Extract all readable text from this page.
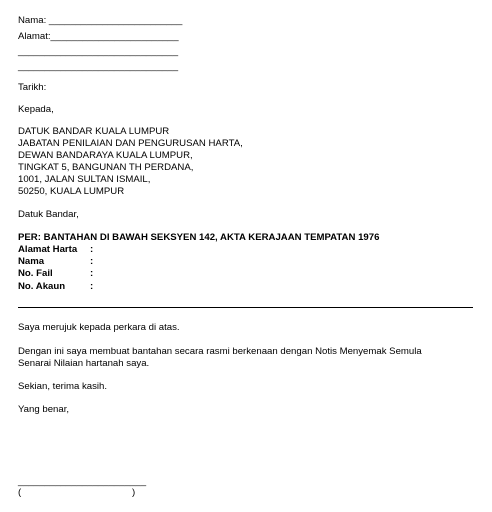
Nama: _________________________
Alamat:________________________
______________________________
______________________________
Tarikh:
Kepada,
DATUK BANDAR KUALA LUMPUR
JABATAN PENILAIAN DAN PENGURUSAN HARTA,
DEWAN BANDARAYA KUALA LUMPUR,
TINGKAT 5, BANGUNAN TH PERDANA,
1001, JALAN SULTAN ISMAIL,
50250, KUALA LUMPUR
Datuk Bandar,
PER: BANTAHAN DI BAWAH SEKSYEN 142, AKTA KERAJAAN TEMPATAN 1976
Alamat Harta :
Nama	:
No. Fail	:
No. Akaun	:
Saya merujuk kepada perkara di atas.
Dengan ini saya membuat bantahan secara rasmi berkenaan dengan Notis Menyemak Semula
Senarai Nilaian hartanah saya.
Sekian, terima kasih.
Yang benar,
________________________
(	)
